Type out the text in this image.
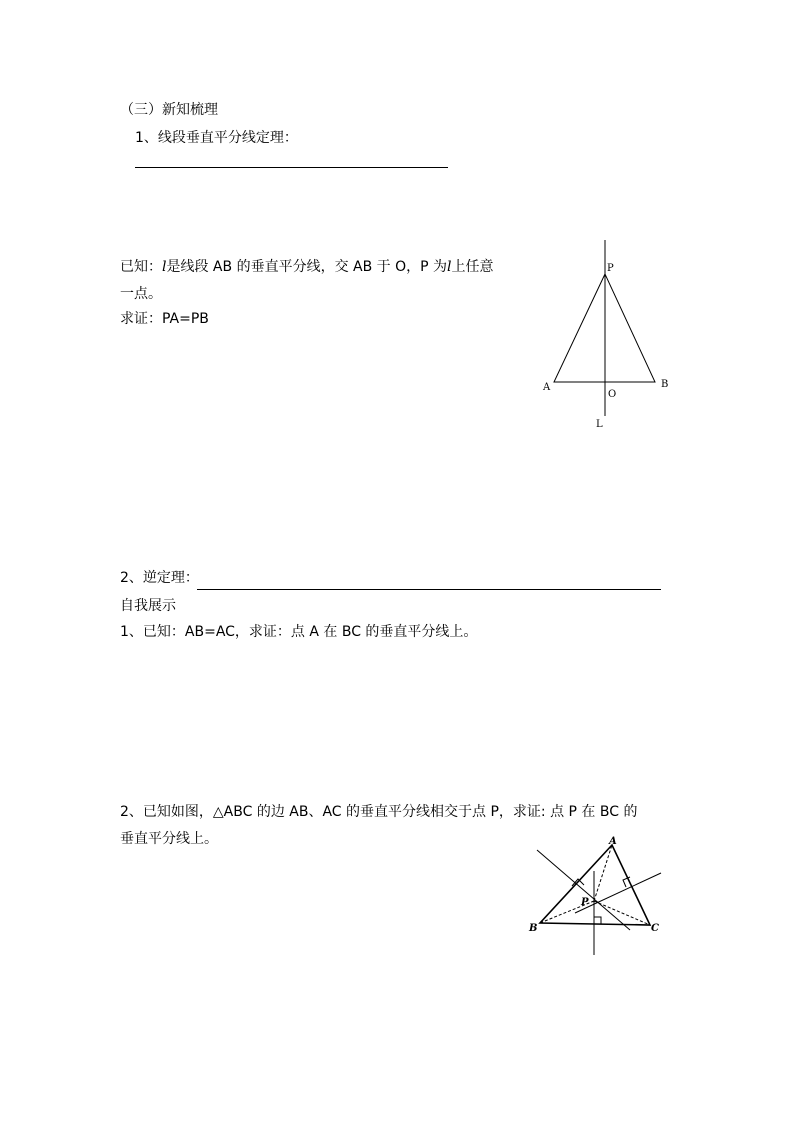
（三）新知梳理
1、线段垂直平分线定理：
已知：l是线段 AB 的垂直平分线，交 AB 于 O，P 为l上任意
一点。
求证：PA=PB
P
A	B
O
L
2、逆定理：
自我展示
1、已知：AB=AC，求证：点 A 在 BC 的垂直平分线上。
2、已知如图，△ABC 的边 AB、AC 的垂直平分线相交于点 P，求证: 点 P 在 BC 的
垂直平分线上。	A
B	C
P
